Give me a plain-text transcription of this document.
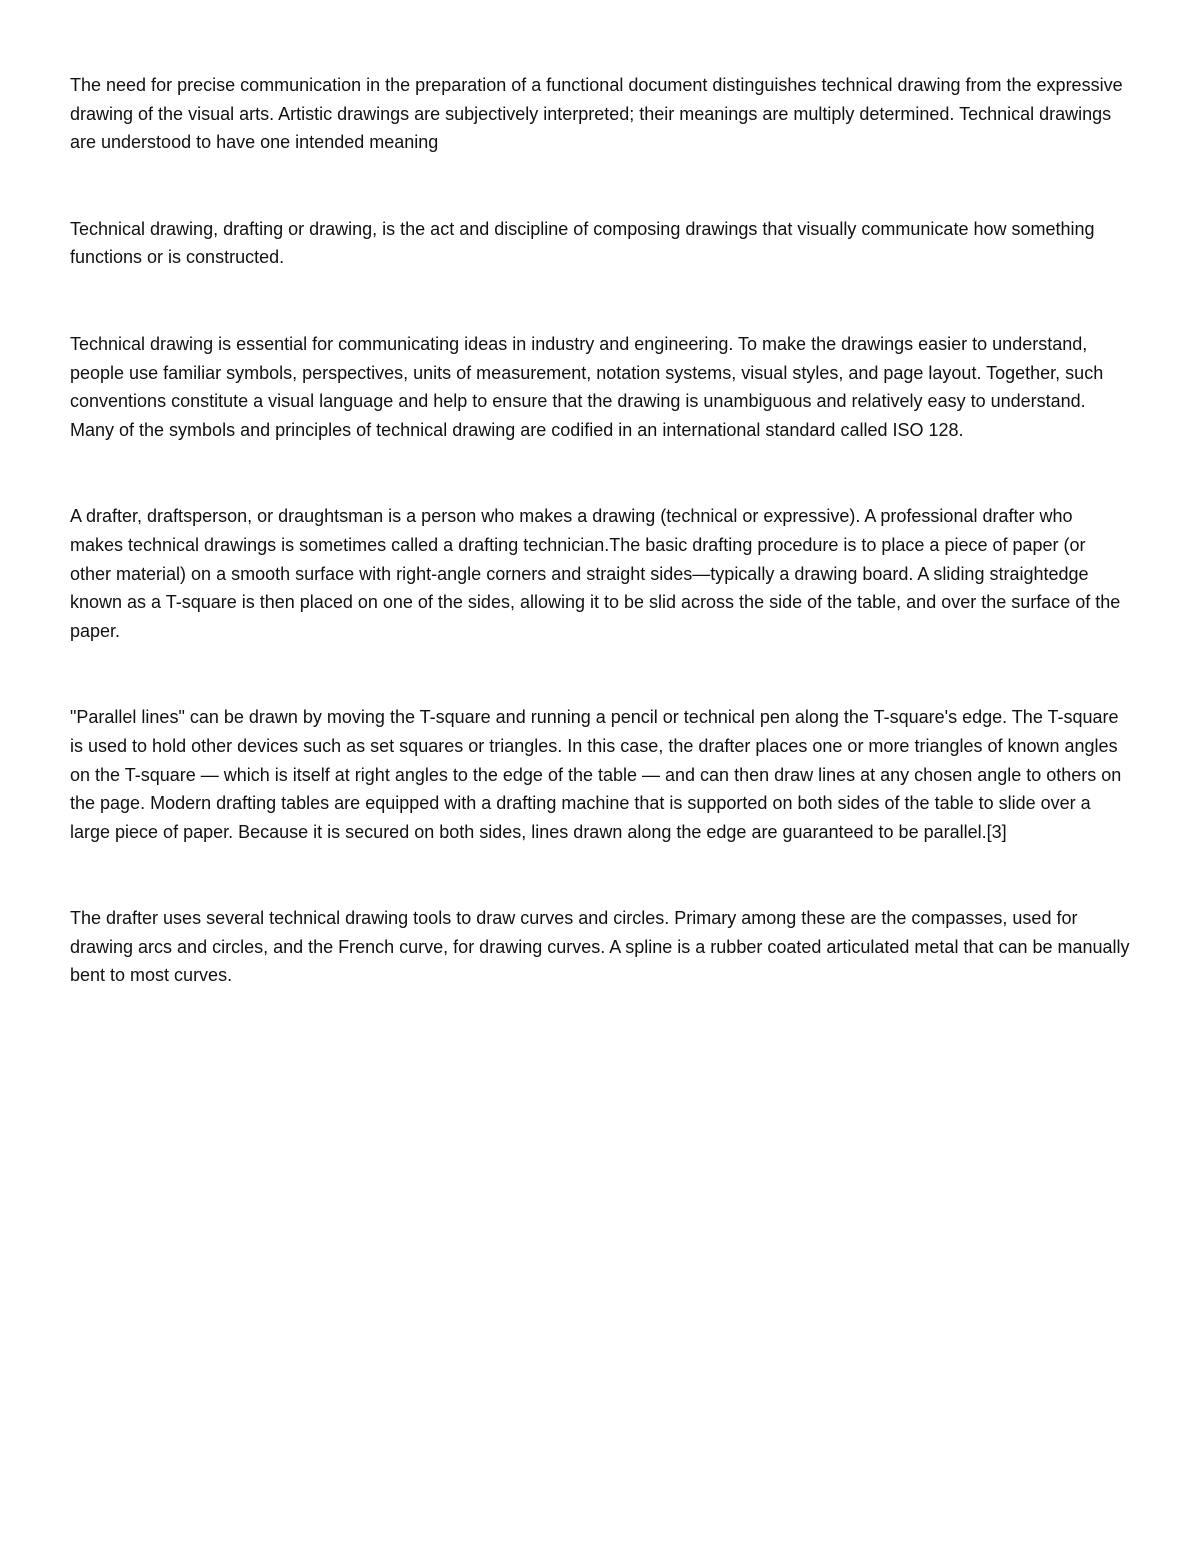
The need for precise communication in the preparation of a functional document distinguishes technical drawing from the expressive drawing of the visual arts. Artistic drawings are subjectively interpreted; their meanings are multiply determined. Technical drawings are understood to have one intended meaning

Technical drawing, drafting or drawing, is the act and discipline of composing drawings that visually communicate how something functions or is constructed.

Technical drawing is essential for communicating ideas in industry and engineering. To make the drawings easier to understand, people use familiar symbols, perspectives, units of measurement, notation systems, visual styles, and page layout. Together, such conventions constitute a visual language and help to ensure that the drawing is unambiguous and relatively easy to understand. Many of the symbols and principles of technical drawing are codified in an international standard called ISO 128.

A drafter, draftsperson, or draughtsman is a person who makes a drawing (technical or expressive). A professional drafter who makes technical drawings is sometimes called a drafting technician.The basic drafting procedure is to place a piece of paper (or other material) on a smooth surface with right-angle corners and straight sides—typically a drawing board. A sliding straightedge known as a T-square is then placed on one of the sides, allowing it to be slid across the side of the table, and over the surface of the paper.

"Parallel lines" can be drawn by moving the T-square and running a pencil or technical pen along the T-square's edge. The T-square is used to hold other devices such as set squares or triangles. In this case, the drafter places one or more triangles of known angles on the T-square — which is itself at right angles to the edge of the table — and can then draw lines at any chosen angle to others on the page. Modern drafting tables are equipped with a drafting machine that is supported on both sides of the table to slide over a large piece of paper. Because it is secured on both sides, lines drawn along the edge are guaranteed to be parallel.[3]

The drafter uses several technical drawing tools to draw curves and circles. Primary among these are the compasses, used for drawing arcs and circles, and the French curve, for drawing curves. A spline is a rubber coated articulated metal that can be manually bent to most curves.
